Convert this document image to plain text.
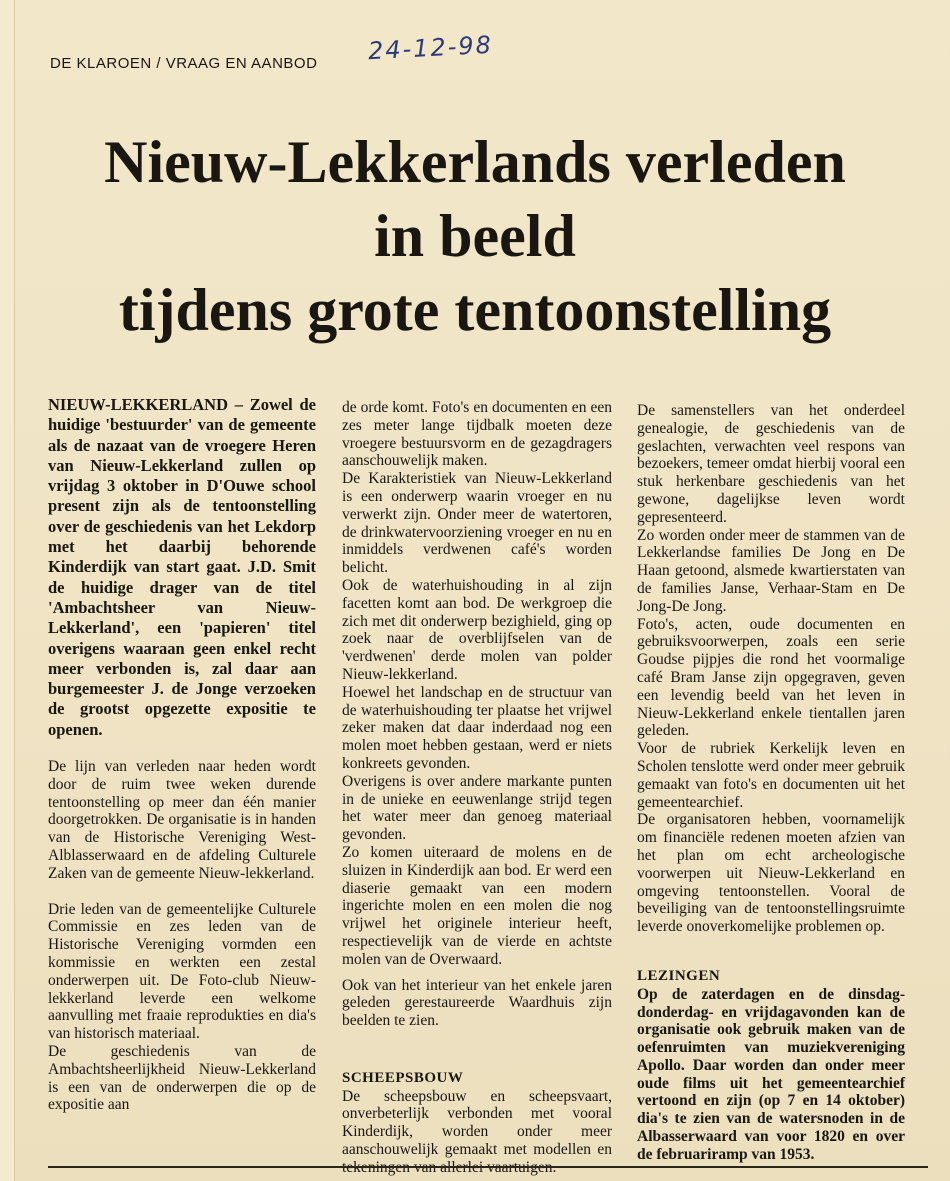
DE KLAROEN / VRAAG EN AANBOD 24-12-98
Nieuw-Lekkerlands verleden
in beeld
tijdens grote tentoonstelling

NIEUW-LEKKERLAND – Zowel de huidige 'bestuurder' van de gemeente als de nazaat van de vroegere Heren van Nieuw-Lekkerland zullen op vrijdag 3 oktober in D'Ouwe school present zijn als de tentoonstelling over de geschiedenis van het Lekdorp met het daarbij behorende Kinderdijk van start gaat. J.D. Smit de huidige drager van de titel 'Ambachtsheer van Nieuw-Lekkerland', een 'papieren' titel overigens waaraan geen enkel recht meer verbonden is, zal daar aan burgemeester J. de Jonge verzoeken de grootst opgezette expositie te openen.

De lijn van verleden naar heden wordt door de ruim twee weken durende tentoonstelling op meer dan één manier doorgetrokken. De organisatie is in handen van de Historische Vereniging West-Alblasserwaard en de afdeling Culturele Zaken van de gemeente Nieuw-lekkerland.

Drie leden van de gemeentelijke Culturele Commissie en zes leden van de Historische Vereniging vormden een kommissie en werkten een zestal onderwerpen uit. De Foto-club Nieuw-lekkerland leverde een welkome aanvulling met fraaie reprodukties en dia's van historisch materiaal.

De geschiedenis van de Ambachtsheerlijkheid Nieuw-Lekkerland is een van de onderwerpen die op de expositie aan

de orde komt. Foto's en documenten en een zes meter lange tijdbalk moeten deze vroegere bestuursvorm en de gezagdragers aanschouwelijk maken.

De Karakteristiek van Nieuw-Lekkerland is een onderwerp waarin vroeger en nu verwerkt zijn. Onder meer de watertoren, de drinkwatervoorziening vroeger en nu en inmiddels verdwenen café's worden belicht.

Ook de waterhuishouding in al zijn facetten komt aan bod. De werkgroep die zich met dit onderwerp bezighield, ging op zoek naar de overblijfselen van de 'verdwenen' derde molen van polder Nieuw-lekkerland.

Hoewel het landschap en de structuur van de waterhuishouding ter plaatse het vrijwel zeker maken dat daar inderdaad nog een molen moet hebben gestaan, werd er niets konkreets gevonden.

Overigens is over andere markante punten in de unieke en eeuwenlange strijd tegen het water meer dan genoeg materiaal gevonden.

Zo komen uiteraard de molens en de sluizen in Kinderdijk aan bod. Er werd een diaserie gemaakt van een modern ingerichte molen en een molen die nog vrijwel het originele interieur heeft, respectievelijk van de vierde en achtste molen van de Overwaard.

Ook van het interieur van het enkele jaren geleden gerestaureerde Waardhuis zijn beelden te zien.

SCHEEPSBOUW

De scheepsbouw en scheepsvaart, onverbeterlijk verbonden met vooral Kinderdijk, worden onder meer aanschouwelijk gemaakt met modellen en

De samenstellers van het onderdeel genealogie, de geschiedenis van de geslachten, verwachten veel respons van bezoekers, temeer omdat hierbij vooral een stuk herkenbare geschiedenis van het gewone, dagelijkse leven wordt gepresenteerd.

Zo worden onder meer de stammen van de Lekkerlandse families De Jong en De Haan getoond, alsmede kwartierstaten van de families Janse, Verhaar-Stam en De Jong-De Jong.

Foto's, acten, oude documenten en gebruiksvoorwerpen, zoals een serie Goudse pijpjes die rond het voormalige café Bram Janse zijn opgegraven, geven een levendig beeld van het leven in Nieuw-Lekkerland enkele tientallen jaren geleden.

Voor de rubriek Kerkelijk leven en Scholen tenslotte werd onder meer gebruik gemaakt van foto's en documenten uit het gemeentearchief.

De organisatoren hebben, voornamelijk om financiële redenen moeten afzien van het plan om echt archeologische voorwerpen uit Nieuw-Lekkerland en omgeving tentoonstellen. Vooral de beveiliging van de tentoonstellingsruimte leverde onoverkomelijke problemen op.

LEZINGEN

Op de zaterdagen en de dinsdag- donderdag- en vrijdagavonden kan de organisatie ook gebruik maken van de oefenruimten van muziekvereniging Apollo. Daar worden dan onder meer oude films uit het gemeentearchief vertoond en zijn (op 7 en 14 oktober) dia's te zien van de watersnoden in de Albasserwaard van voor 1820 en over de februariramp van 1953.
